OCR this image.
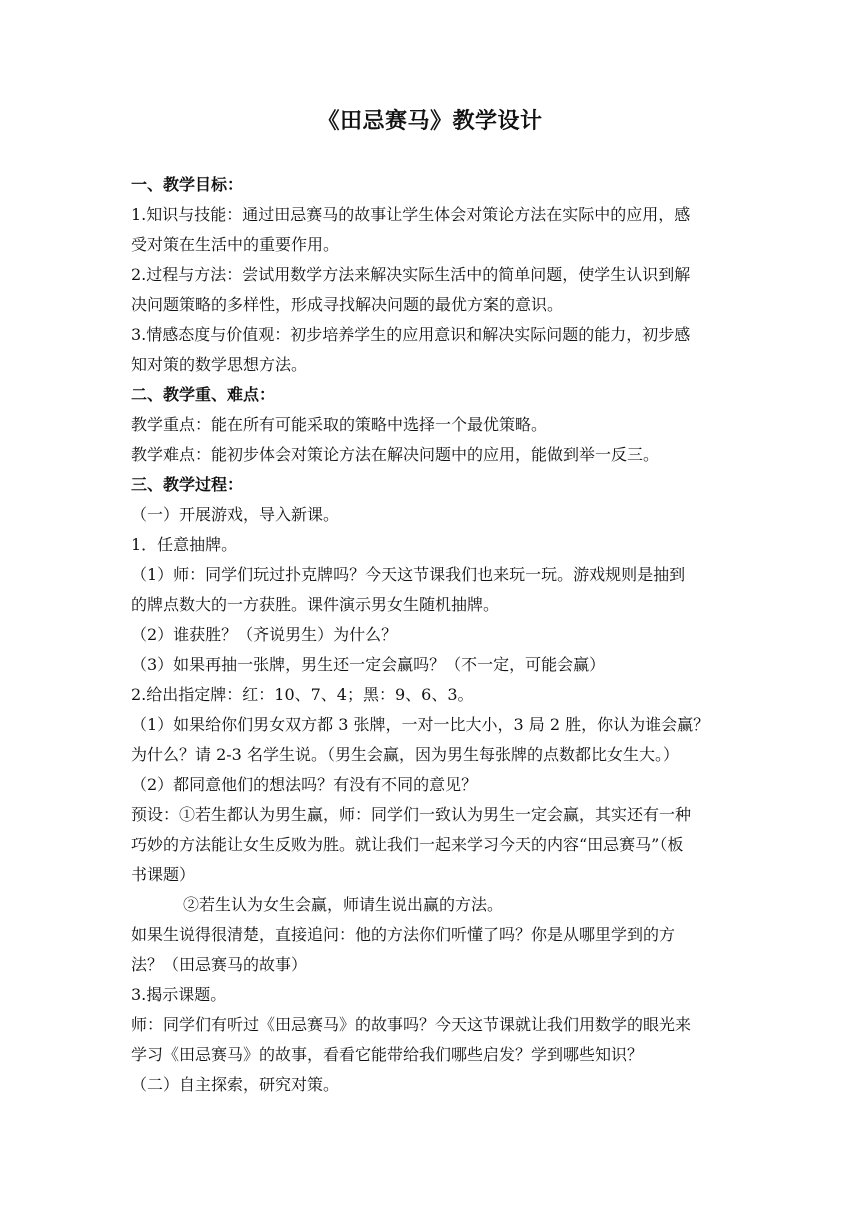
《田忌赛马》教学设计
一、教学目标：
1.知识与技能：通过田忌赛马的故事让学生体会对策论方法在实际中的应用，感
受对策在生活中的重要作用。
2.过程与方法：尝试用数学方法来解决实际生活中的简单问题，使学生认识到解
决问题策略的多样性，形成寻找解决问题的最优方案的意识。
3.情感态度与价值观：初步培养学生的应用意识和解决实际问题的能力，初步感
知对策的数学思想方法。
二、教学重、难点：
教学重点：能在所有可能采取的策略中选择一个最优策略。
教学难点：能初步体会对策论方法在解决问题中的应用，能做到举一反三。
三、教学过程：
（一）开展游戏，导入新课。
1．任意抽牌。
（1）师：同学们玩过扑克牌吗？今天这节课我们也来玩一玩。游戏规则是抽到
的牌点数大的一方获胜。课件演示男女生随机抽牌。
（2）谁获胜？（齐说男生）为什么？
（3）如果再抽一张牌，男生还一定会赢吗？（不一定，可能会赢）
2.给出指定牌：红：10、7、4；黑：9、6、3。
（1）如果给你们男女双方都 3 张牌，一对一比大小，3 局 2 胜，你认为谁会赢？
为什么？请 2-3 名学生说。（男生会赢，因为男生每张牌的点数都比女生大。）
（2）都同意他们的想法吗？有没有不同的意见？
预设：①若生都认为男生赢，师：同学们一致认为男生一定会赢，其实还有一种
巧妙的方法能让女生反败为胜。就让我们一起来学习今天的内容“田忌赛马”（板
书课题）
②若生认为女生会赢，师请生说出赢的方法。
如果生说得很清楚，直接追问：他的方法你们听懂了吗？你是从哪里学到的方
法？（田忌赛马的故事）
3.揭示课题。
师：同学们有听过《田忌赛马》的故事吗？今天这节课就让我们用数学的眼光来
学习《田忌赛马》的故事，看看它能带给我们哪些启发？学到哪些知识？
（二）自主探索，研究对策。
